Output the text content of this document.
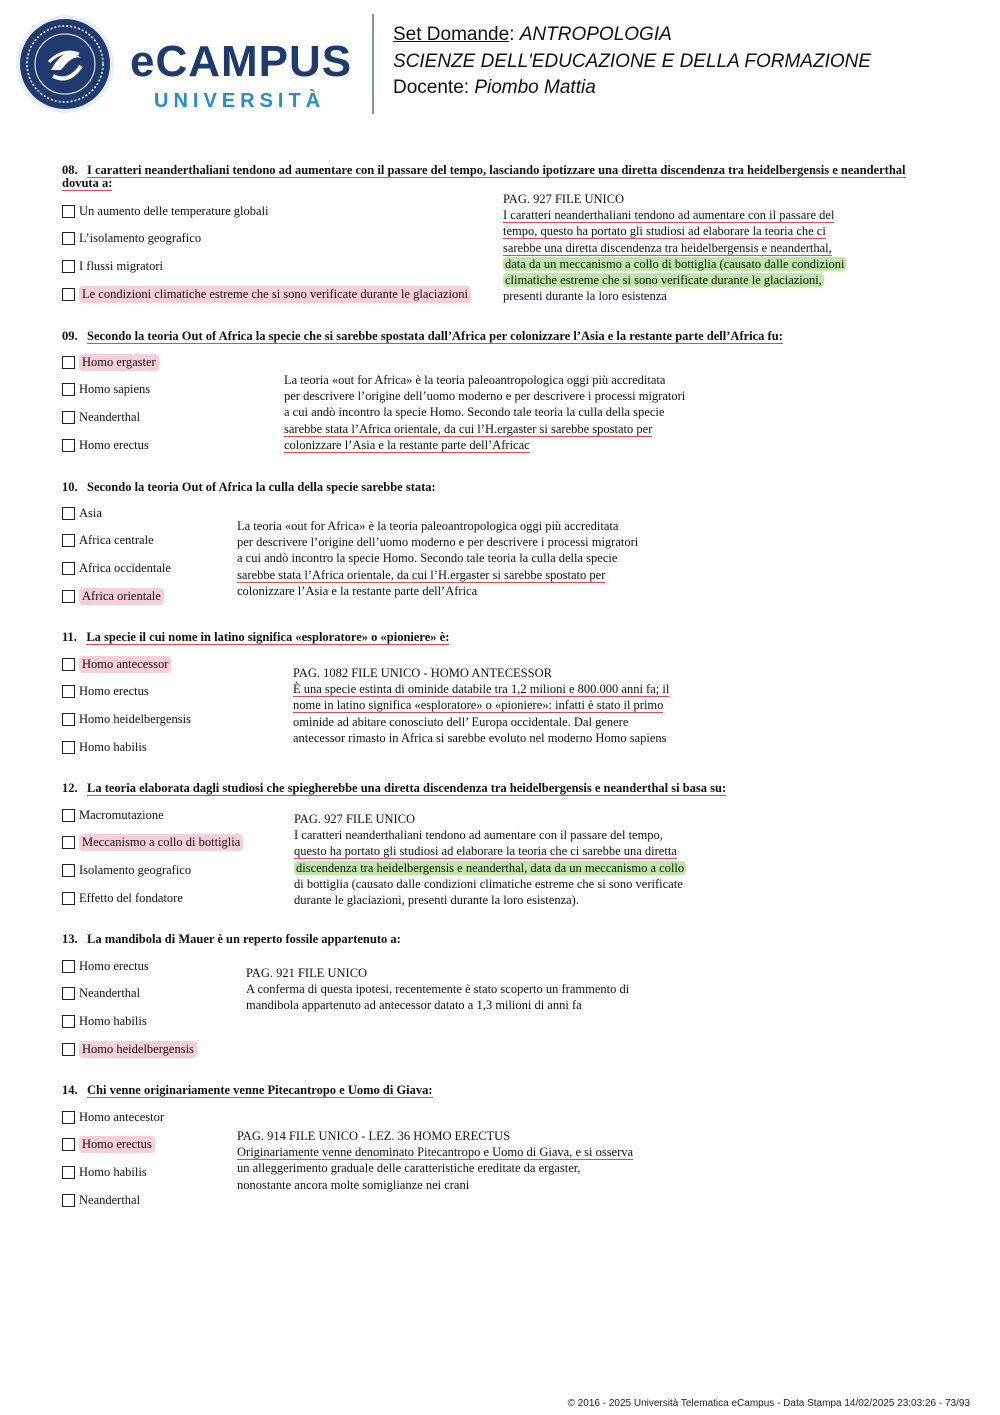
eCAMPUS
UNIVERSITÀ
Set Domande: ANTROPOLOGIA
SCIENZE DELL'EDUCAZIONE E DELLA FORMAZIONE
Docente: Piombo Mattia
08. I caratteri neanderthaliani tendono ad aumentare con il passare del tempo, lasciando ipotizzare una diretta discendenza tra heidelbergensis e neanderthal dovuta a:
Un aumento delle temperature globali
L’isolamento geografico
I flussi migratori
Le condizioni climatiche estreme che si sono verificate durante le glaciazioni
PAG. 927 FILE UNICO
I caratteri neanderthaliani tendono ad aumentare con il passare del
tempo, questo ha portato gli studiosi ad elaborare la teoria che ci
sarebbe una diretta discendenza tra heidelbergensis e neanderthal,
data da un meccanismo a collo di bottiglia (causato dalle condizioni
climatiche estreme che si sono verificate durante le glaciazioni,
presenti durante la loro esistenza
09. Secondo la teoria Out of Africa la specie che si sarebbe spostata dall’Africa per colonizzare l’Asia e la restante parte dell’Africa fu:
Homo ergaster
Homo sapiens
Neanderthal
Homo erectus
La teoria «out for Africa» è la teoria paleoantropologica oggi più accreditata
per descrivere l’origine dell’uomo moderno e per descrivere i processi migratori
a cui andò incontro la specie Homo. Secondo tale teoria la culla della specie
sarebbe stata l’Africa orientale, da cui l’H.ergaster si sarebbe spostato per
colonizzare l’Asia e la restante parte dell’Africac
10. Secondo la teoria Out of Africa la culla della specie sarebbe stata:
Asia
Africa centrale
Africa occidentale
Africa orientale
La teoria «out for Africa» è la teoria paleoantropologica oggi più accreditata
per descrivere l’origine dell’uomo moderno e per descrivere i processi migratori
a cui andò incontro la specie Homo. Secondo tale teoria la culla della specie
sarebbe stata l’Africa orientale, da cui l’H.ergaster si sarebbe spostato per
colonizzare l’Asia e la restante parte dell’Africa
11. La specie il cui nome in latino significa «esploratore» o «pioniere» è:
Homo antecessor
Homo erectus
Homo heidelbergensis
Homo habilis
PAG. 1082 FILE UNICO - HOMO ANTECESSOR
È una specie estinta di ominide databile tra 1,2 milioni e 800.000 anni fa; il
nome in latino significa «esploratore» o «pioniere»: infatti è stato il primo
ominide ad abitare conosciuto dell’ Europa occidentale. Dal genere
antecessor rimasto in Africa si sarebbe evoluto nel moderno Homo sapiens
12. La teoria elaborata dagli studiosi che spiegherebbe una diretta discendenza tra heidelbergensis e neanderthal si basa su:
Macromutazione
Meccanismo a collo di bottiglia
Isolamento geografico
Effetto del fondatore
PAG. 927 FILE UNICO
I caratteri neanderthaliani tendono ad aumentare con il passare del tempo,
questo ha portato gli studiosi ad elaborare la teoria che ci sarebbe una diretta
discendenza tra heidelbergensis e neanderthal, data da un meccanismo a collo
di bottiglia (causato dalle condizioni climatiche estreme che si sono verificate
durante le glaciazioni, presenti durante la loro esistenza).
13. La mandibola di Mauer è un reperto fossile appartenuto a:
Homo erectus
Neanderthal
Homo habilis
Homo heidelbergensis
PAG. 921 FILE UNICO
A conferma di questa ipotesi, recentemente è stato scoperto un frammento di
mandibola appartenuto ad antecessor datato a 1,3 milioni di anni fa
14. Chi venne originariamente venne Pitecantropo e Uomo di Giava:
Homo antecestor
Homo erectus
Homo habilis
Neanderthal
PAG. 914 FILE UNICO - LEZ. 36 HOMO ERECTUS
Originariamente venne denominato Pitecantropo e Uomo di Giava, e si osserva
un alleggerimento graduale delle caratteristiche ereditate da ergaster,
nonostante ancora molte somiglianze nei crani
© 2016 - 2025 Università Telematica eCampus - Data Stampa 14/02/2025 23:03:26 - 73/93
